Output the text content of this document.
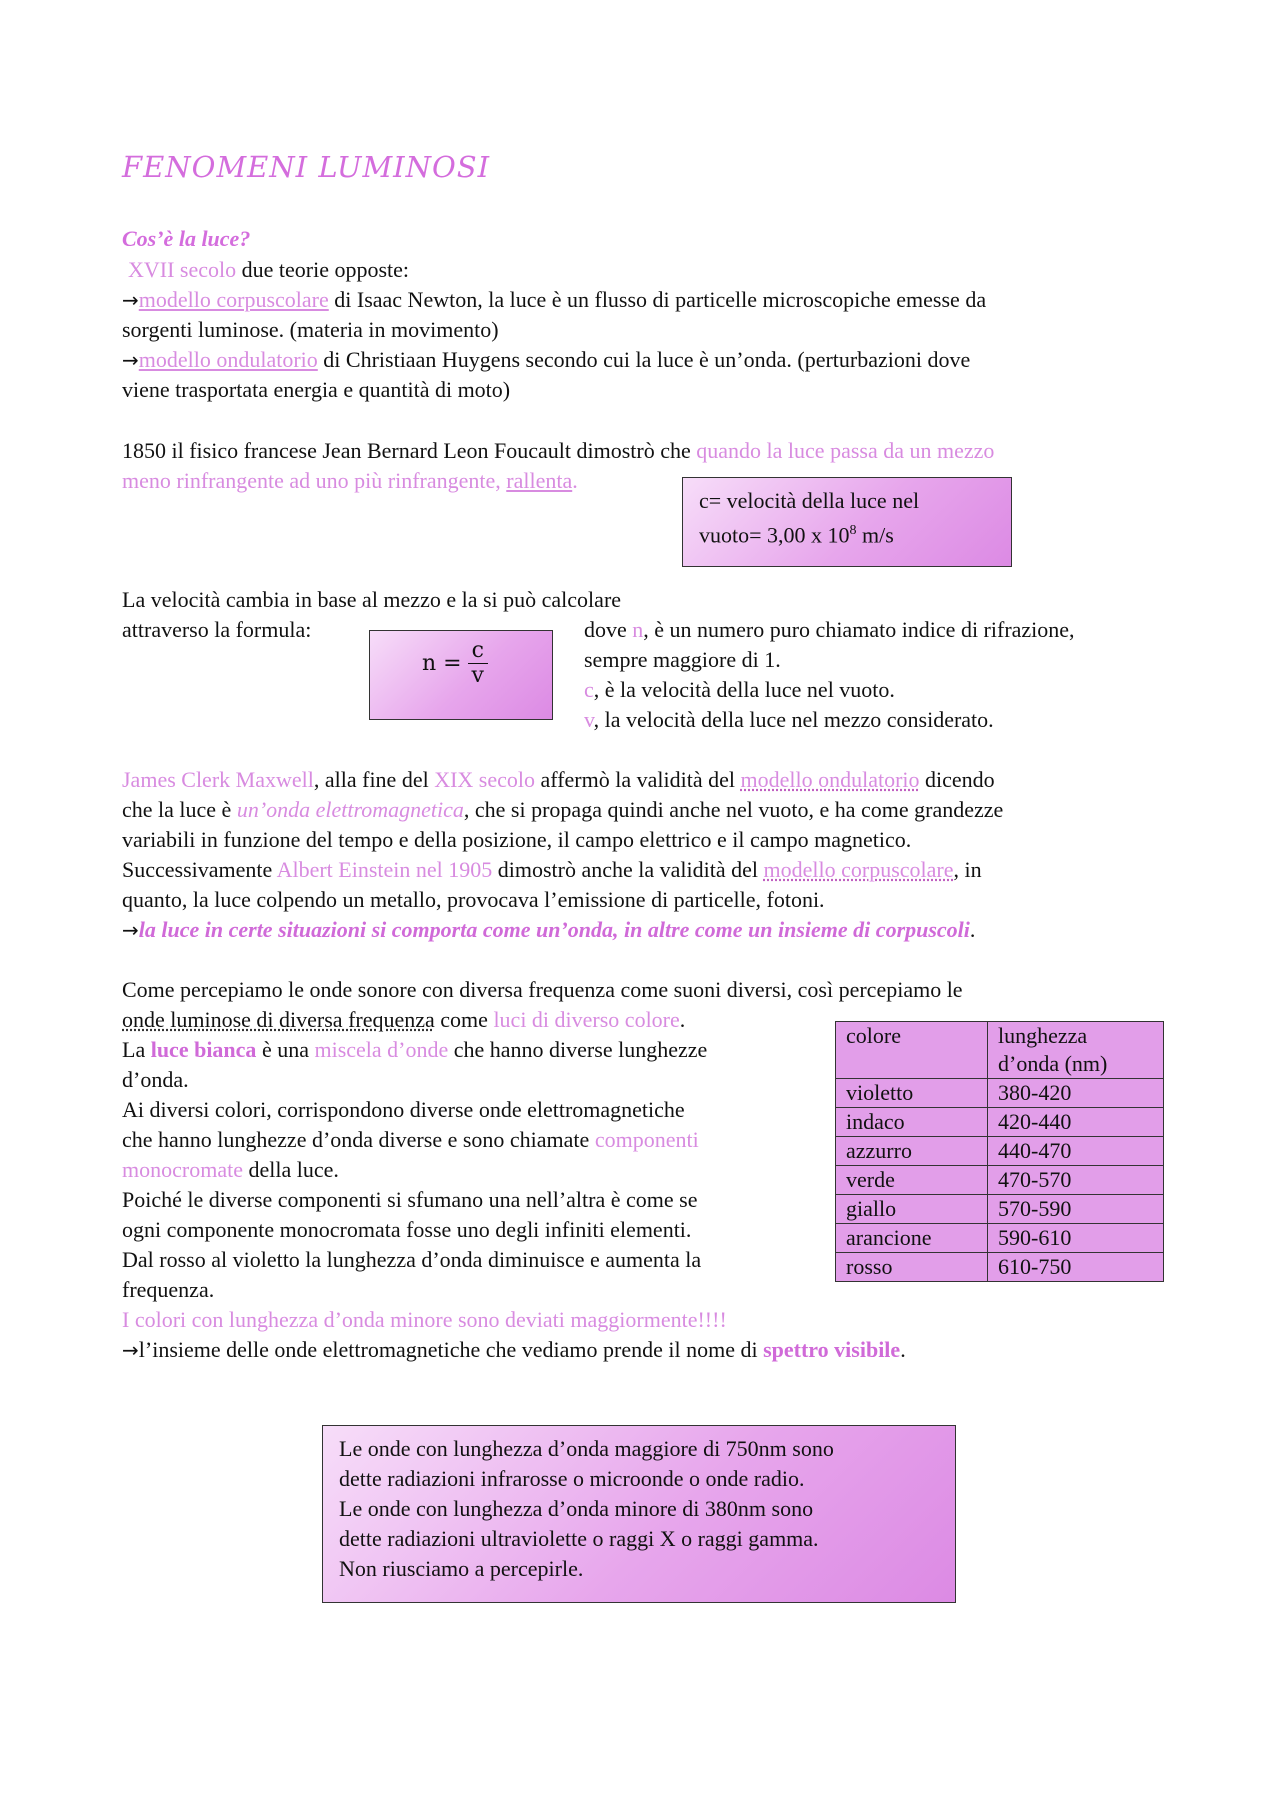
FENOMENI LUMINOSI
Cos’è la luce?
XVII secolo due teorie opposte:
→modello corpuscolare di Isaac Newton, la luce è un flusso di particelle microscopiche emesse da
sorgenti luminose. (materia in movimento)
→modello ondulatorio di Christiaan Huygens secondo cui la luce è un’onda. (perturbazioni dove
viene trasportata energia e quantità di moto)
1850 il fisico francese Jean Bernard Leon Foucault dimostrò che quando la luce passa da un mezzo
meno rinfrangente ad uno più rinfrangente, rallenta.
c= velocità della luce nel
vuoto= 3,00 x $10^8$ m/s
La velocità cambia in base al mezzo e la si può calcolare
attraverso la formula:
$n = \frac{c}{v}$
dove n, è un numero puro chiamato indice di rifrazione,
sempre maggiore di 1.
c, è la velocità della luce nel vuoto.
v, la velocità della luce nel mezzo considerato.
James Clerk Maxwell, alla fine del XIX secolo affermò la validità del modello ondulatorio dicendo
che la luce è un’onda elettromagnetica, che si propaga quindi anche nel vuoto, e ha come grandezze
variabili in funzione del tempo e della posizione, il campo elettrico e il campo magnetico.
Successivamente Albert Einstein nel 1905 dimostrò anche la validità del modello corpuscolare, in
quanto, la luce colpendo un metallo, provocava l’emissione di particelle, fotoni.
→la luce in certe situazioni si comporta come un’onda, in altre come un insieme di corpuscoli.
Come percepiamo le onde sonore con diversa frequenza come suoni diversi, così percepiamo le
onde luminose di diversa frequenza come luci di diverso colore.
La luce bianca è una miscela d’onde che hanno diverse lunghezze
d’onda.
Ai diversi colori, corrispondono diverse onde elettromagnetiche
che hanno lunghezze d’onda diverse e sono chiamate componenti
monocromate della luce.
Poiché le diverse componenti si sfumano una nell’altra è come se
ogni componente monocromata fosse uno degli infiniti elementi.
Dal rosso al violetto la lunghezza d’onda diminuisce e aumenta la
frequenza.
I colori con lunghezza d’onda minore sono deviati maggiormente!!!!
→l’insieme delle onde elettromagnetiche che vediamo prende il nome di spettro visibile.
colore	lunghezza
d’onda (nm)
violetto	380-420
indaco	420-440
azzurro	440-470
verde	470-570
giallo	570-590
arancione	590-610
rosso	610-750
Le onde con lunghezza d’onda maggiore di 750nm sono
dette radiazioni infrarosse o microonde o onde radio.
Le onde con lunghezza d’onda minore di 380nm sono
dette radiazioni ultraviolette o raggi X o raggi gamma.
Non riusciamo a percepirle.
